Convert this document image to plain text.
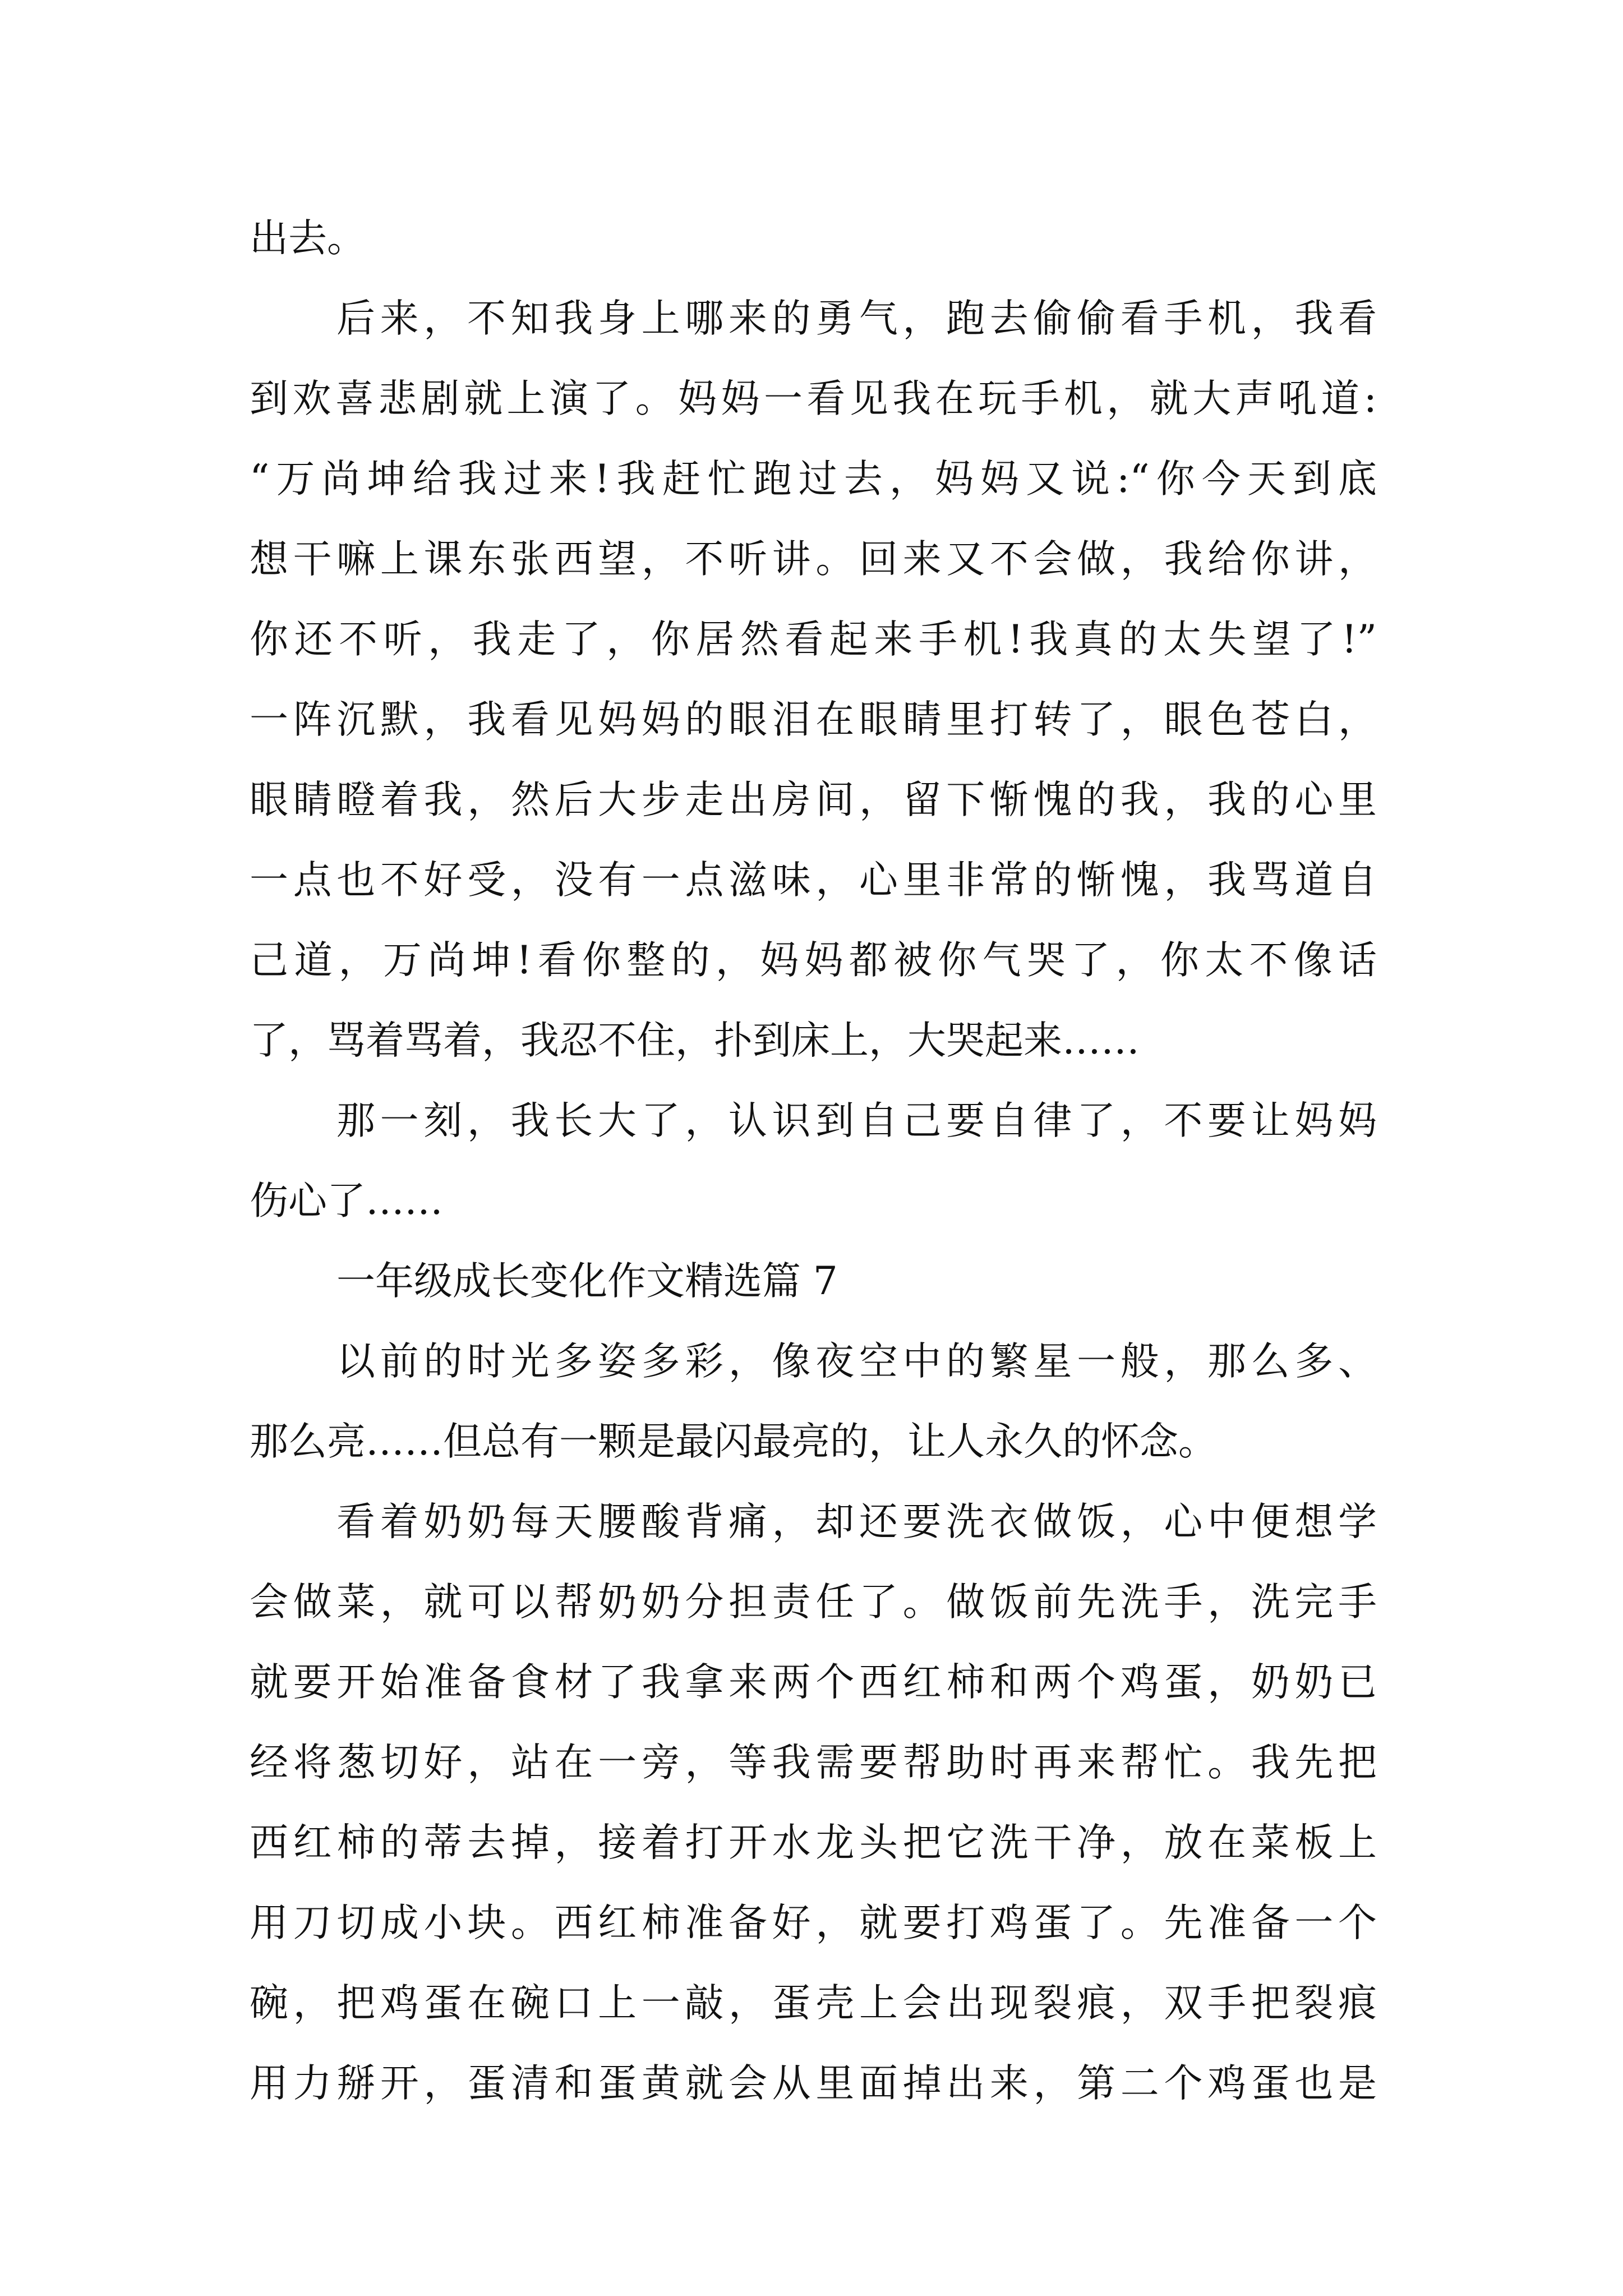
出去。
后来，不知我身上哪来的勇气，跑去偷偷看手机，我看
到欢喜悲剧就上演了。妈妈一看见我在玩手机，就大声吼道:
“万尚坤给我过来!我赶忙跑过去，妈妈又说:“你今天到底
想干嘛上课东张西望，不听讲。回来又不会做，我给你讲，
你还不听，我走了，你居然看起来手机!我真的太失望了!”
一阵沉默，我看见妈妈的眼泪在眼睛里打转了，眼色苍白，
眼睛瞪着我，然后大步走出房间，留下惭愧的我，我的心里
一点也不好受，没有一点滋味，心里非常的惭愧，我骂道自
己道，万尚坤!看你整的，妈妈都被你气哭了，你太不像话
了，骂着骂着，我忍不住，扑到床上，大哭起来……
那一刻，我长大了，认识到自己要自律了，不要让妈妈
伤心了……
一年级成长变化作文精选篇 7
以前的时光多姿多彩，像夜空中的繁星一般，那么多、
那么亮……但总有一颗是最闪最亮的，让人永久的怀念。
看着奶奶每天腰酸背痛，却还要洗衣做饭，心中便想学
会做菜，就可以帮奶奶分担责任了。做饭前先洗手，洗完手
就要开始准备食材了我拿来两个西红柿和两个鸡蛋，奶奶已
经将葱切好，站在一旁，等我需要帮助时再来帮忙。我先把
西红柿的蒂去掉，接着打开水龙头把它洗干净，放在菜板上
用刀切成小块。西红柿准备好，就要打鸡蛋了。先准备一个
碗，把鸡蛋在碗口上一敲，蛋壳上会出现裂痕，双手把裂痕
用力掰开，蛋清和蛋黄就会从里面掉出来，第二个鸡蛋也是
